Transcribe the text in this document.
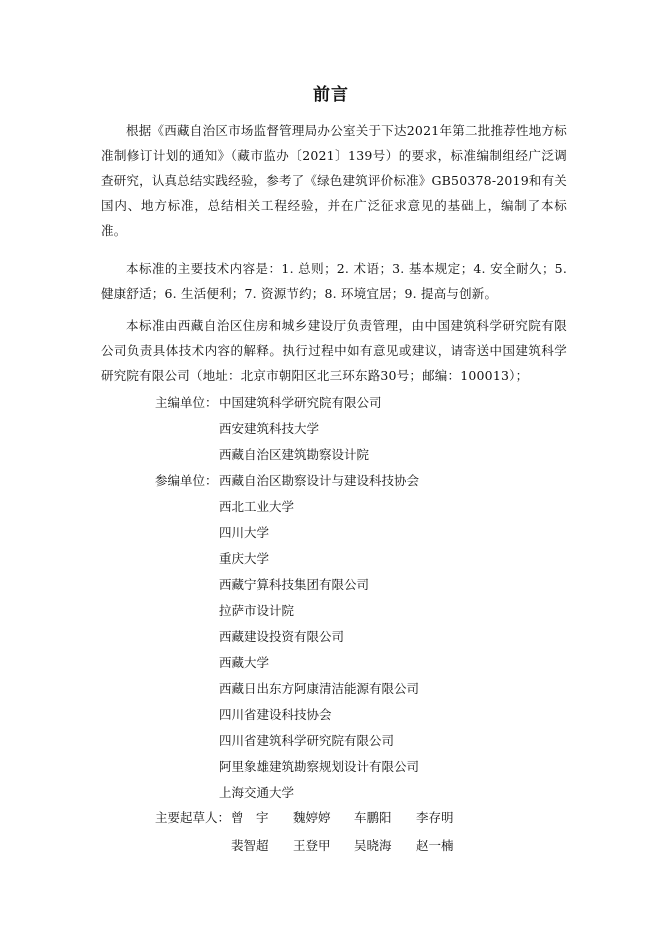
前言

根据《西藏自治区市场监督管理局办公室关于下达2021年第二批推荐性地方标准制修订计划的通知》（藏市监办〔2021〕139号）的要求，标准编制组经广泛调查研究，认真总结实践经验，参考了《绿色建筑评价标准》GB50378-2019和有关国内、地方标准，总结相关工程经验，并在广泛征求意见的基础上，编制了本标准。

本标准的主要技术内容是：1. 总则；2. 术语；3. 基本规定；4. 安全耐久；5. 健康舒适；6. 生活便利；7. 资源节约；8. 环境宜居；9. 提高与创新。

本标准由西藏自治区住房和城乡建设厅负责管理，由中国建筑科学研究院有限公司负责具体技术内容的解释。执行过程中如有意见或建议，请寄送中国建筑科学研究院有限公司（地址：北京市朝阳区北三环东路30号；邮编：100013）；

主编单位： 中国建筑科学研究院有限公司
西安建筑科技大学
西藏自治区建筑勘察设计院
参编单位： 西藏自治区勘察设计与建设科技协会
西北工业大学
四川大学
重庆大学
西藏宁算科技集团有限公司
拉萨市设计院
西藏建设投资有限公司
西藏大学
西藏日出东方阿康清洁能源有限公司
四川省建设科技协会
四川省建筑科学研究院有限公司
阿里象雄建筑勘察规划设计有限公司
上海交通大学
主要起草人： 曾　宇 魏婷婷 车鹏阳 李存明
裴智超 王登甲 吴晓海 赵一楠
